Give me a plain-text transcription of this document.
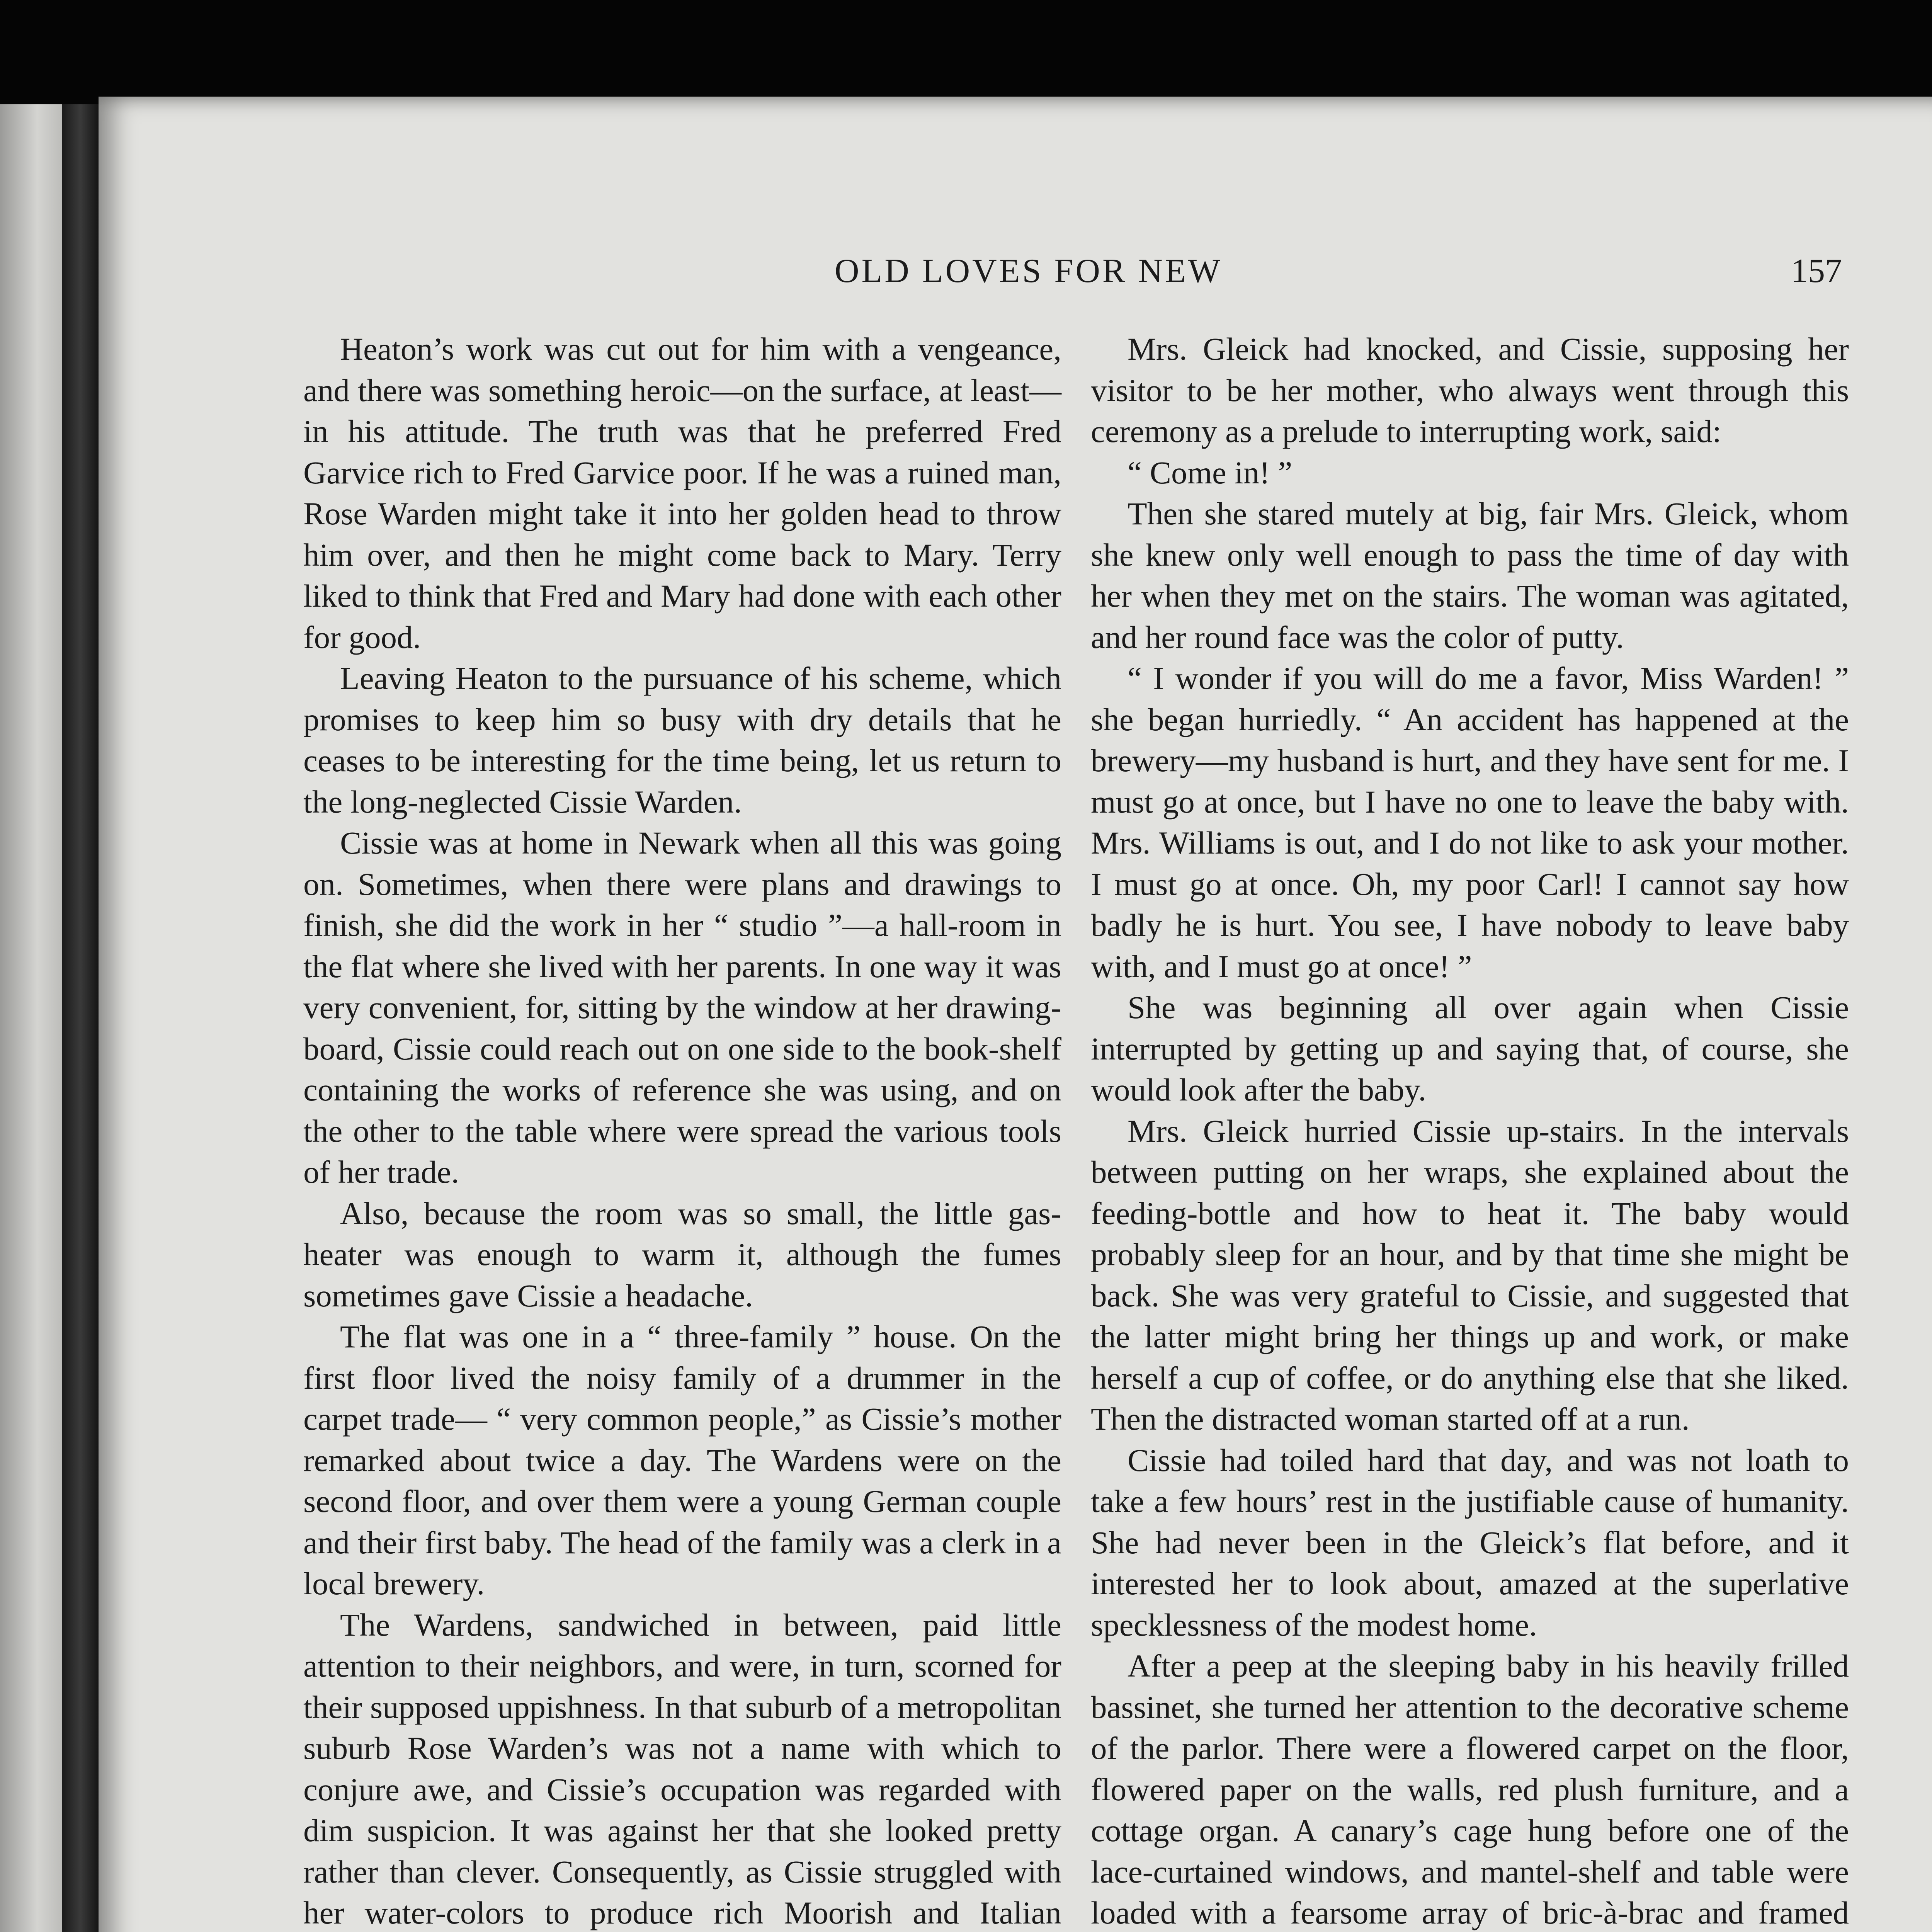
OLD LOVES FOR NEW	157

Heaton’s work was cut out for him with a vengeance, and there was something heroic—on the surface, at least—in his attitude. The truth was that he preferred Fred Garvice rich to Fred Garvice poor. If he was a ruined man, Rose Warden might take it into her golden head to throw him over, and then he might come back to Mary. Terry liked to think that Fred and Mary had done with each other for good.

Leaving Heaton to the pursuance of his scheme, which promises to keep him so busy with dry details that he ceases to be interesting for the time being, let us return to the long-neglected Cissie Warden.

Cissie was at home in Newark when all this was going on. Sometimes, when there were plans and drawings to finish, she did the work in her “ studio ”—a hall-room in the flat where she lived with her parents. In one way it was very convenient, for, sitting by the window at her drawing-board, Cissie could reach out on one side to the book-shelf containing the works of reference she was using, and on the other to the table where were spread the various tools of her trade.

Also, because the room was so small, the little gas-heater was enough to warm it, although the fumes sometimes gave Cissie a headache.

The flat was one in a “ three-family ” house. On the first floor lived the noisy family of a drummer in the carpet trade— “ very common people,” as Cissie’s mother remarked about twice a day. The Wardens were on the second floor, and over them were a young German couple and their first baby. The head of the family was a clerk in a local brewery.

The Wardens, sandwiched in between, paid little attention to their neighbors, and were, in turn, scorned for their supposed uppishness. In that suburb of a metropolitan suburb Rose Warden’s was not a name with which to conjure awe, and Cissie’s occupation was regarded with dim suspicion. It was against her that she looked pretty rather than clever. Consequently, as Cissie struggled with her water-colors to produce rich Moorish and Italian

Mrs. Gleick had knocked, and Cissie, supposing her visitor to be her mother, who always went through this ceremony as a prelude to interrupting work, said:

“ Come in! ”

Then she stared mutely at big, fair Mrs. Gleick, whom she knew only well enough to pass the time of day with her when they met on the stairs. The woman was agitated, and her round face was the color of putty.

“ I wonder if you will do me a favor, Miss Warden! ” she began hurriedly. “ An accident has happened at the brewery—my husband is hurt, and they have sent for me. I must go at once, but I have no one to leave the baby with. Mrs. Williams is out, and I do not like to ask your mother. I must go at once. Oh, my poor Carl! I cannot say how badly he is hurt. You see, I have nobody to leave baby with, and I must go at once! ”

She was beginning all over again when Cissie interrupted by getting up and saying that, of course, she would look after the baby.

Mrs. Gleick hurried Cissie up-stairs. In the intervals between putting on her wraps, she explained about the feeding-bottle and how to heat it. The baby would probably sleep for an hour, and by that time she might be back. She was very grateful to Cissie, and suggested that the latter might bring her things up and work, or make herself a cup of coffee, or do anything else that she liked. Then the distracted woman started off at a run.

Cissie had toiled hard that day, and was not loath to take a few hours’ rest in the justifiable cause of humanity. She had never been in the Gleick’s flat before, and it interested her to look about, amazed at the superlative specklessness of the modest home.

After a peep at the sleeping baby in his heavily frilled bassinet, she turned her attention to the decorative scheme of the parlor. There were a flowered carpet on the floor, flowered paper on the walls, red plush furniture, and a cottage organ. A canary’s cage hung before one of the lace-curtained windows, and mantel-shelf and table were loaded with a fearsome array of bric-à-brac and framed
